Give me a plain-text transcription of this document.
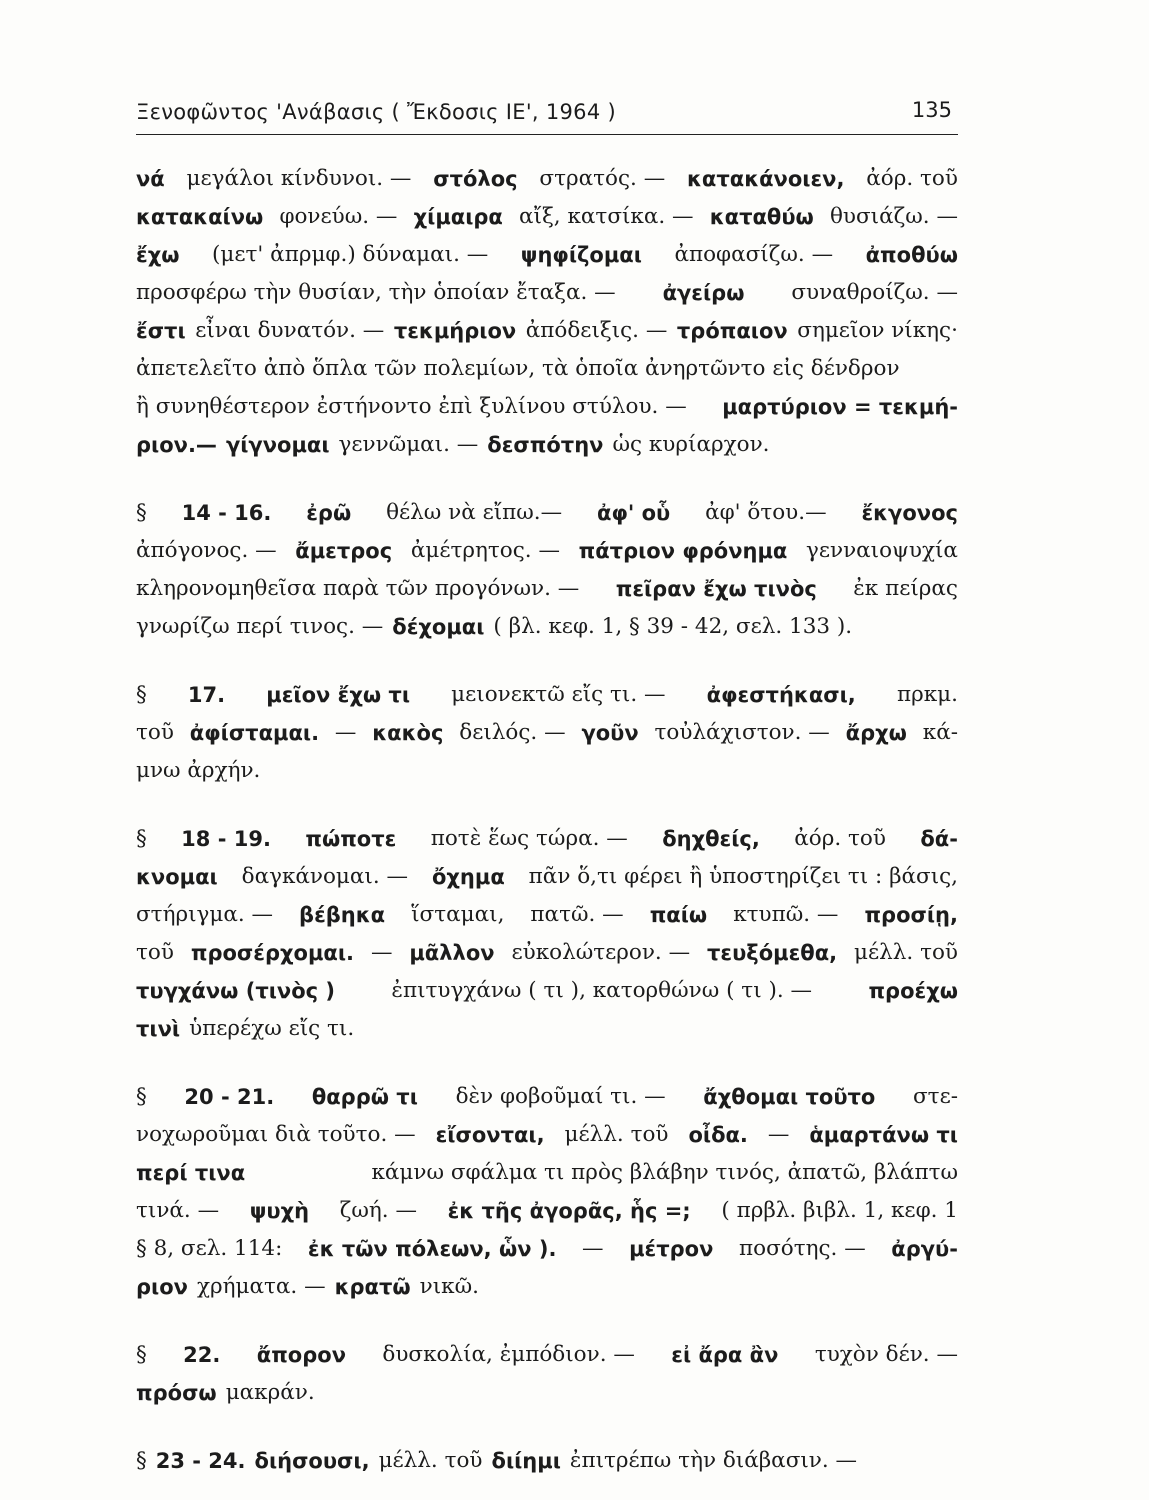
Ξενοφῶντος 'Ανάβασις ( Ἔκδοσις ΙΕ', 1964 )	135
νά μεγάλοι κίνδυνοι. — στόλος στρατός. — κατακάνοιεν, ἀόρ. τοῦ
κατακαίνω φονεύω. — χίμαιρα αἴξ, κατσίκα. — καταθύω θυσιάζω. —
ἔχω (μετ' ἀπρμφ.) δύναμαι. — ψηφίζομαι ἀποφασίζω. — ἀποθύω
προσφέρω τὴν θυσίαν, τὴν ὁποίαν ἔταξα. — ἀγείρω συναθροίζω. —
ἔστι εἶναι δυνατόν. — τεκμήριον ἀπόδειξις. — τρόπαιον σημεῖον νίκης·
ἀπετελεῖτο ἀπὸ ὅπλα τῶν πολεμίων, τὰ ὁποῖα ἀνηρτῶντο εἰς δένδρον
ἢ συνηθέστερον ἐστήνοντο ἐπὶ ξυλίνου στύλου. — μαρτύριον = τεκμή-
ριον.— γίγνομαι γεννῶμαι. — δεσπότην ὡς κυρίαρχον.
§ 14 - 16. ἐρῶ θέλω νὰ εἴπω.— ἀφ' οὗ ἀφ' ὅτου.— ἔκγονος
ἀπόγονος. — ἄμετρος ἀμέτρητος. — πάτριον φρόνημα γενναιοψυχία
κληρονομηθεῖσα παρὰ τῶν προγόνων. — πεῖραν ἔχω τινὸς ἐκ πείρας
γνωρίζω περί τινος. — δέχομαι ( βλ. κεφ. 1, § 39 - 42, σελ. 133 ).
§ 17. μεῖον ἔχω τι μειονεκτῶ εἴς τι. — ἀφεστήκασι, πρκμ.
τοῦ ἀφίσταμαι. — κακὸς δειλός. — γοῦν τοὐλάχιστον. — ἄρχω κά-
μνω ἀρχήν.
§ 18 - 19. πώποτε ποτὲ ἕως τώρα. — δηχθείς, ἀόρ. τοῦ δά-
κνομαι δαγκάνομαι. — ὄχημα πᾶν ὅ,τι φέρει ἢ ὑποστηρίζει τι : βάσις,
στήριγμα. — βέβηκα ἵσταμαι, πατῶ. — παίω κτυπῶ. — προσίῃ,
τοῦ προσέρχομαι. — μᾶλλον εὐκολώτερον. — τευξόμεθα, μέλλ. τοῦ
τυγχάνω (τινὸς )	ἐπιτυγχάνω ( τι ), κατορθώνω ( τι ). —	προέχω
τινὶ ὑπερέχω εἴς τι.
§ 20 - 21. θαρρῶ τι δὲν φοβοῦμαί τι. — ἄχθομαι τοῦτο στε-
νοχωροῦμαι διὰ τοῦτο. — εἴσονται, μέλλ. τοῦ οἶδα. — ἁμαρτάνω τι
περί τινα	κάμνω σφάλμα τι πρὸς βλάβην τινός, ἀπατῶ, βλάπτω
τινά. — ψυχὴ ζωή. — ἐκ τῆς ἀγορᾶς, ἧς =; ( πρβλ. βιβλ. 1, κεφ. 1
§ 8, σελ. 114: ἐκ τῶν πόλεων, ὧν ). — μέτρον ποσότης. — ἀργύ-
ριον χρήματα. — κρατῶ νικῶ.
§ 22. ἄπορον δυσκολία, ἐμπόδιον. — εἰ ἄρα ἂν τυχὸν δέν. —
πρόσω μακράν.
§ 23 - 24. διήσουσι, μέλλ. τοῦ διίημι ἐπιτρέπω τὴν διάβασιν. —
